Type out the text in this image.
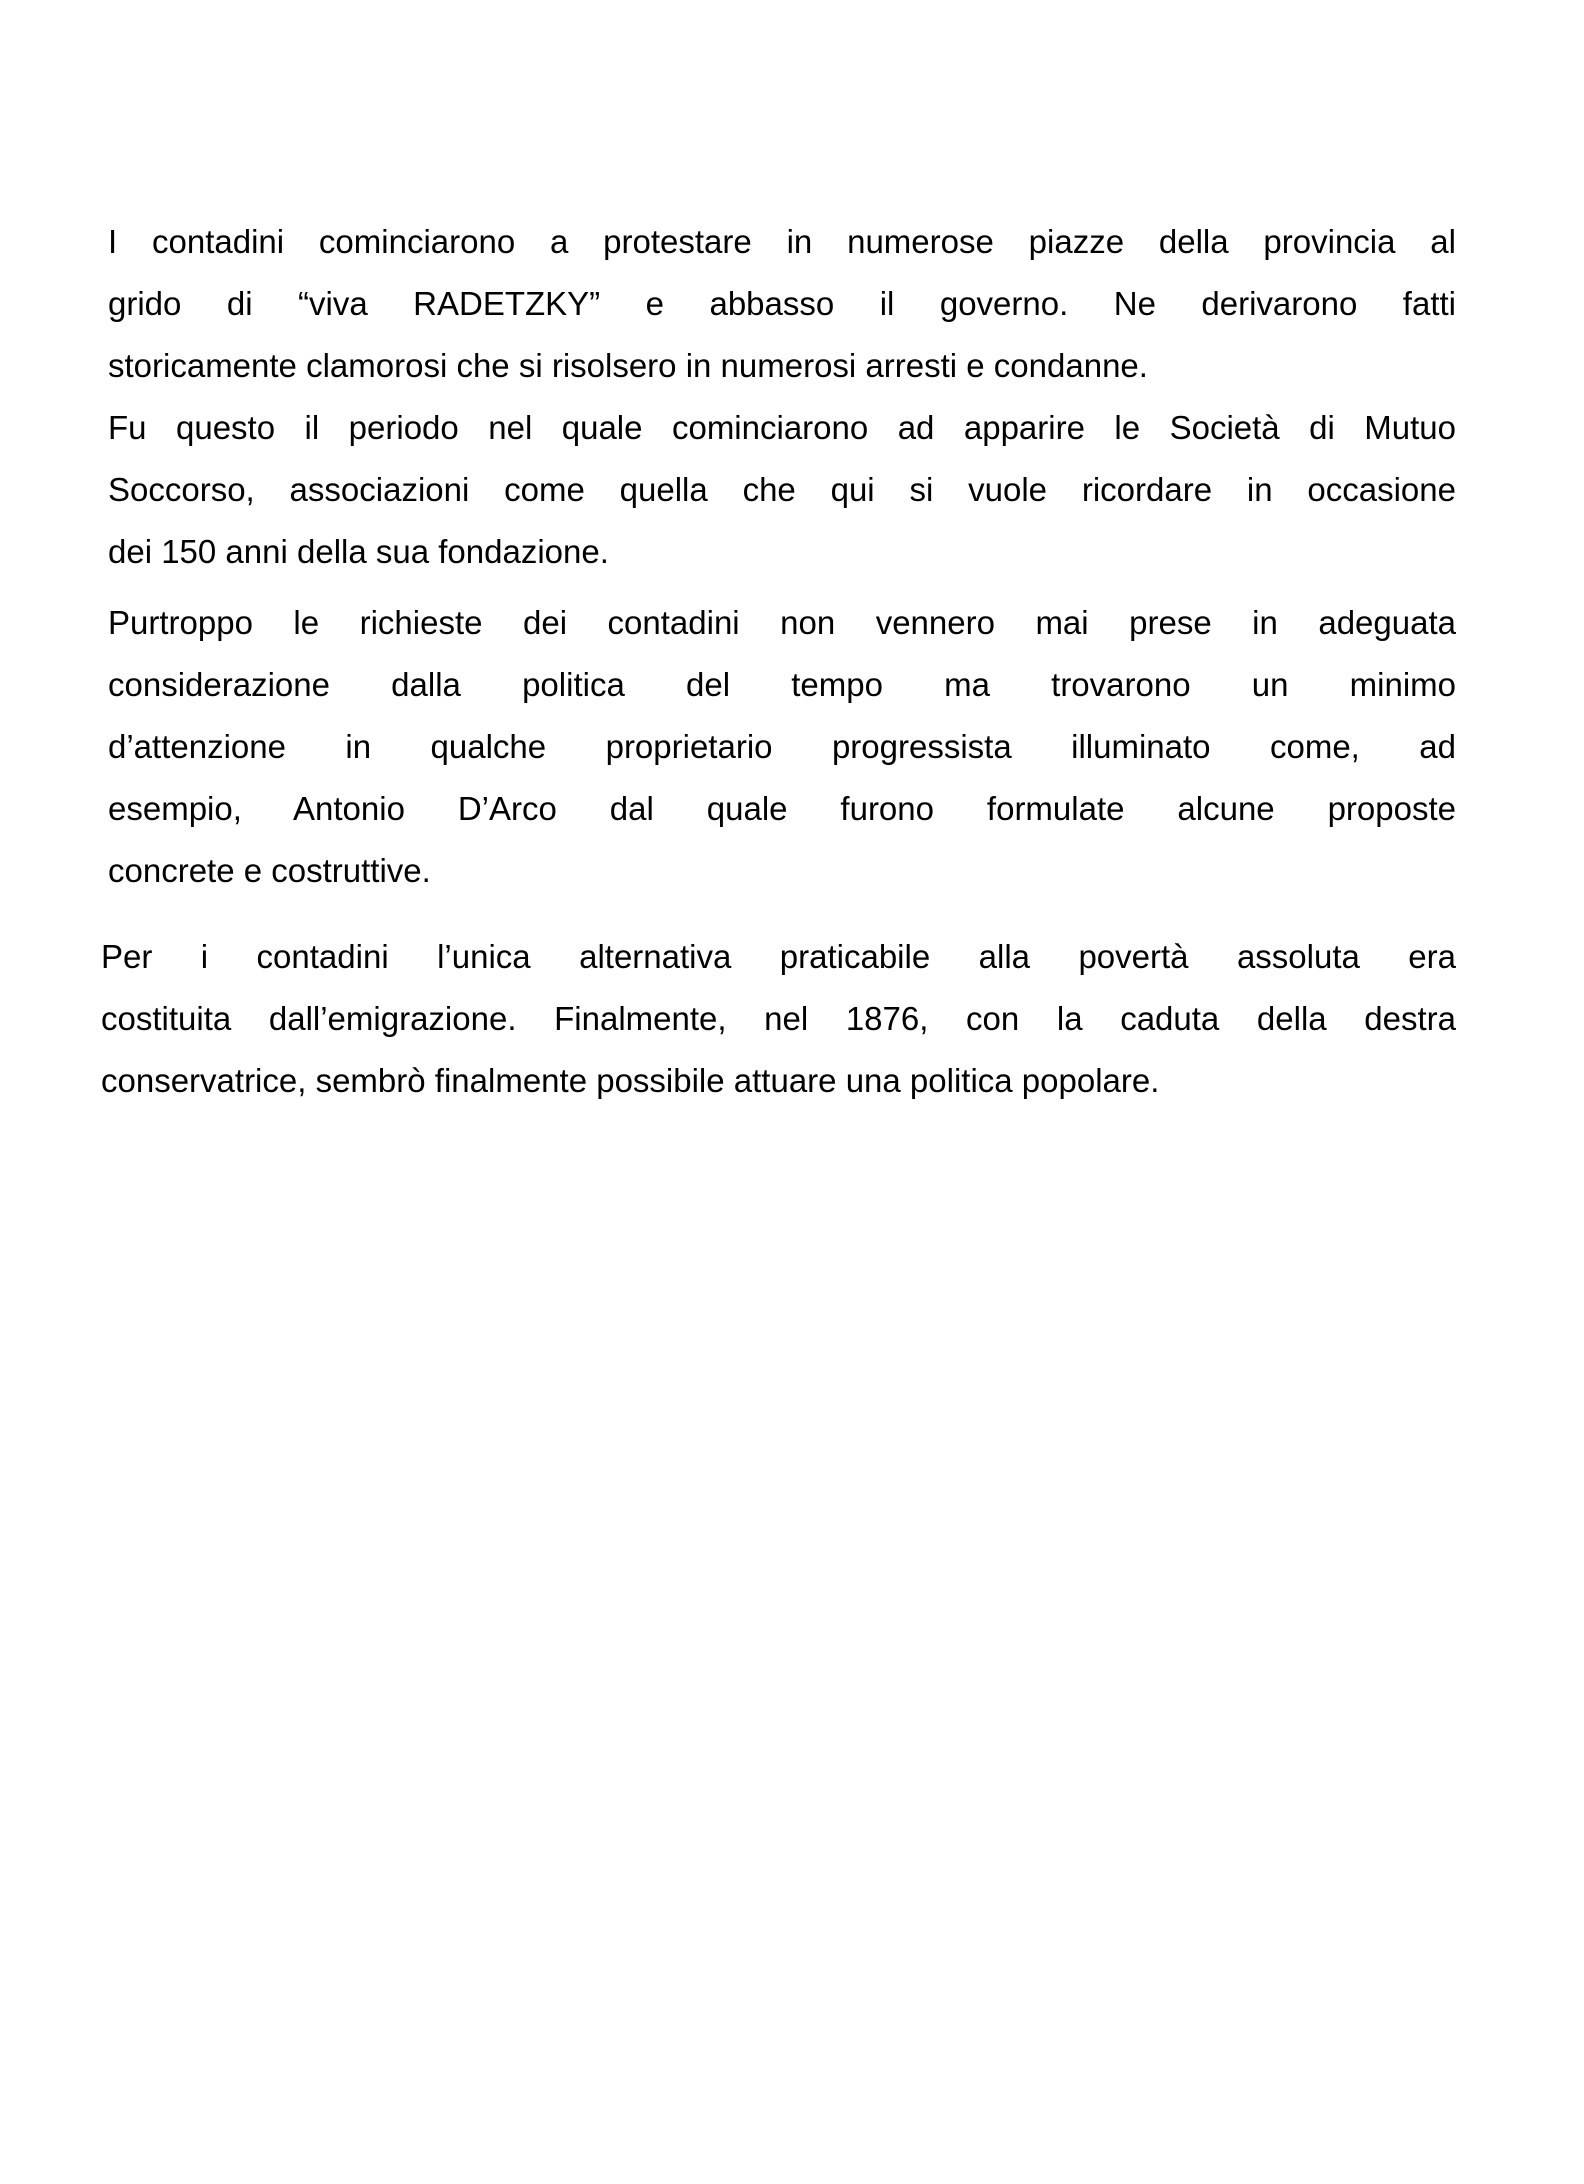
I contadini cominciarono a protestare in numerose piazze della provincia al
grido di “viva RADETZKY” e abbasso il governo. Ne derivarono fatti
storicamente clamorosi che si risolsero in numerosi arresti e condanne.
Fu questo il periodo nel quale cominciarono ad apparire le Società di Mutuo
Soccorso, associazioni come quella che qui si vuole ricordare in occasione
dei 150 anni della sua fondazione.
Purtroppo le richieste dei contadini non vennero mai prese in adeguata
considerazione dalla politica del tempo ma trovarono un minimo
d’attenzione in qualche proprietario progressista illuminato come, ad
esempio, Antonio D’Arco dal quale furono formulate alcune proposte
concrete e costruttive.
Per i contadini l’unica alternativa praticabile alla povertà assoluta era
costituita dall’emigrazione. Finalmente, nel 1876, con la caduta della destra
conservatrice, sembrò finalmente possibile attuare una politica popolare.
